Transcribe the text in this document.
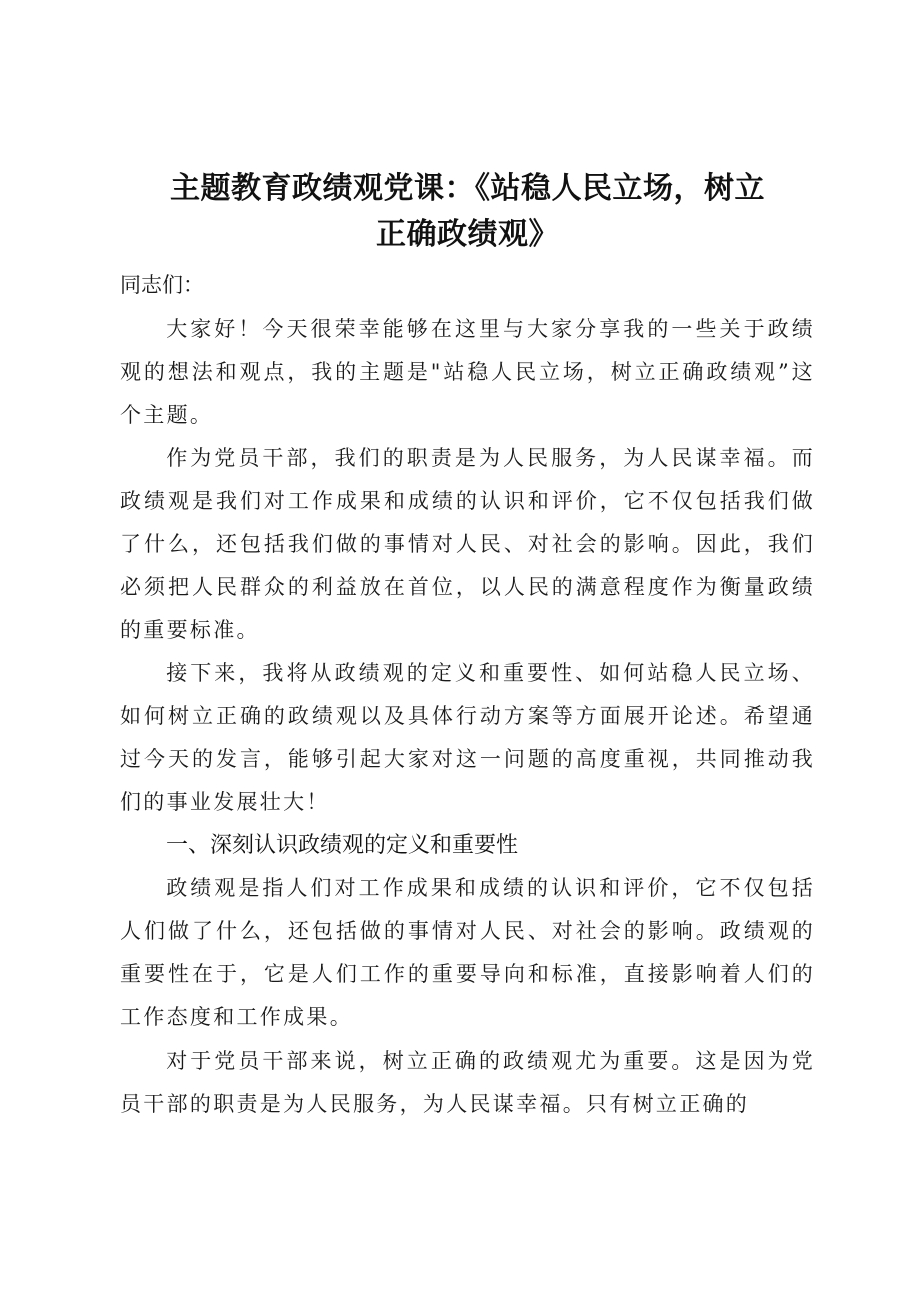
主题教育政绩观党课：《站稳人民立场，树立
正确政绩观》
同志们：

大家好！今天很荣幸能够在这里与大家分享我的一些关于政绩观的想法和观点，我的主题是"站稳人民立场，树立正确政绩观”这个主题。

作为党员干部，我们的职责是为人民服务，为人民谋幸福。而政绩观是我们对工作成果和成绩的认识和评价，它不仅包括我们做了什么，还包括我们做的事情对人民、对社会的影响。因此，我们必须把人民群众的利益放在首位，以人民的满意程度作为衡量政绩的重要标准。

接下来，我将从政绩观的定义和重要性、如何站稳人民立场、如何树立正确的政绩观以及具体行动方案等方面展开论述。希望通过今天的发言，能够引起大家对这一问题的高度重视，共同推动我们的事业发展壮大！

一、深刻认识政绩观的定义和重要性

政绩观是指人们对工作成果和成绩的认识和评价，它不仅包括人们做了什么，还包括做的事情对人民、对社会的影响。政绩观的重要性在于，它是人们工作的重要导向和标准，直接影响着人们的工作态度和工作成果。

对于党员干部来说，树立正确的政绩观尤为重要。这是因为党员干部的职责是为人民服务，为人民谋幸福。只有树立正确的
